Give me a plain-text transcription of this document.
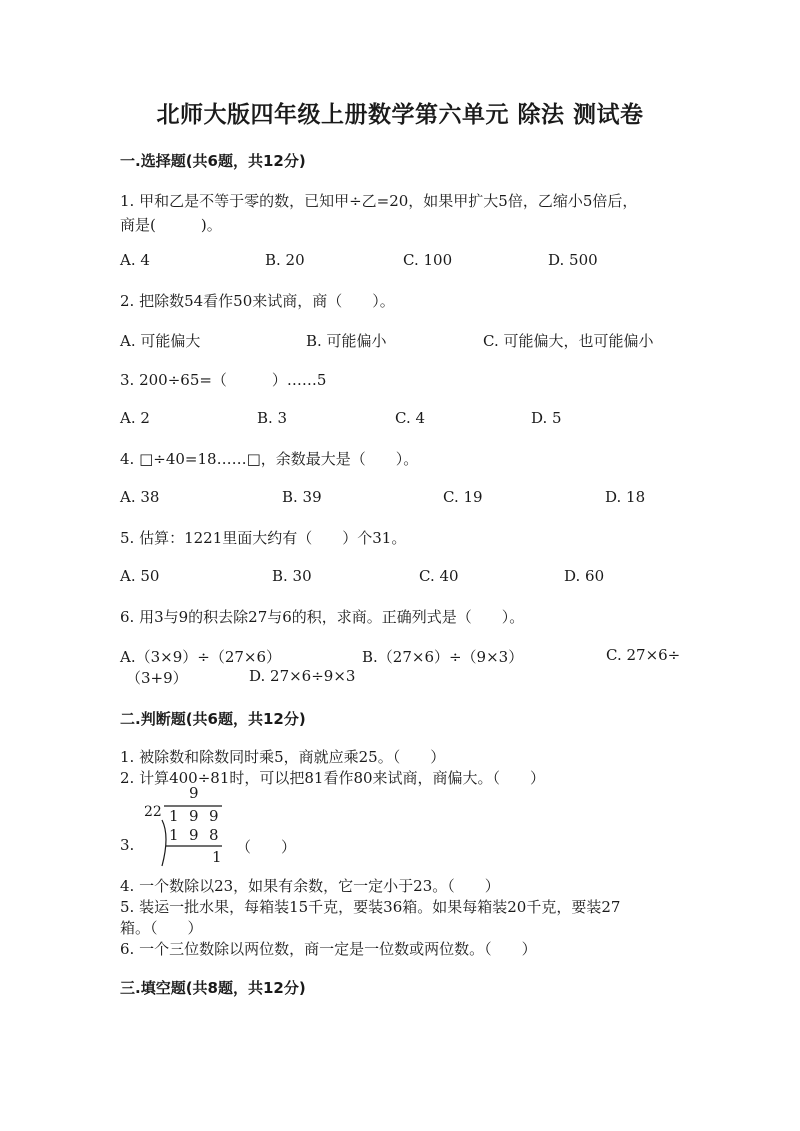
北师大版四年级上册数学第六单元 除法 测试卷
一.选择题(共6题，共12分)
1. 甲和乙是不等于零的数，已知甲÷乙=20，如果甲扩大5倍，乙缩小5倍后，
商是(　　　)。
A. 4	B. 20	C. 100	D. 500
2. 把除数54看作50来试商，商（　　）。
A. 可能偏大	B. 可能偏小	C. 可能偏大，也可能偏小
3. 200÷65=（　　　）……5
A. 2	B. 3	C. 4	D. 5
4. □÷40=18……□，余数最大是（　　）。
A. 38	B. 39	C. 19	D. 18
5. 估算：1221里面大约有（　　）个31。
A. 50	B. 30	C. 40	D. 60
6. 用3与9的积去除27与6的积，求商。正确列式是（　　）。
A.（3×9）÷（27×6）	B.（27×6）÷（9×3）	C. 27×6÷
（3+9）	D. 27×6÷9×3
二.判断题(共6题，共12分)
1. 被除数和除数同时乘5，商就应乘25。（　　）
2. 计算400÷81时，可以把81看作80来试商，商偏大。（　　）
3.
9
22 1 9 9
1 9 8
1
（　　）
4. 一个数除以23，如果有余数，它一定小于23。（　　）
5. 装运一批水果，每箱装15千克，要装36箱。如果每箱装20千克，要装27
箱。（　　）
6. 一个三位数除以两位数，商一定是一位数或两位数。（　　）
三.填空题(共8题，共12分)
